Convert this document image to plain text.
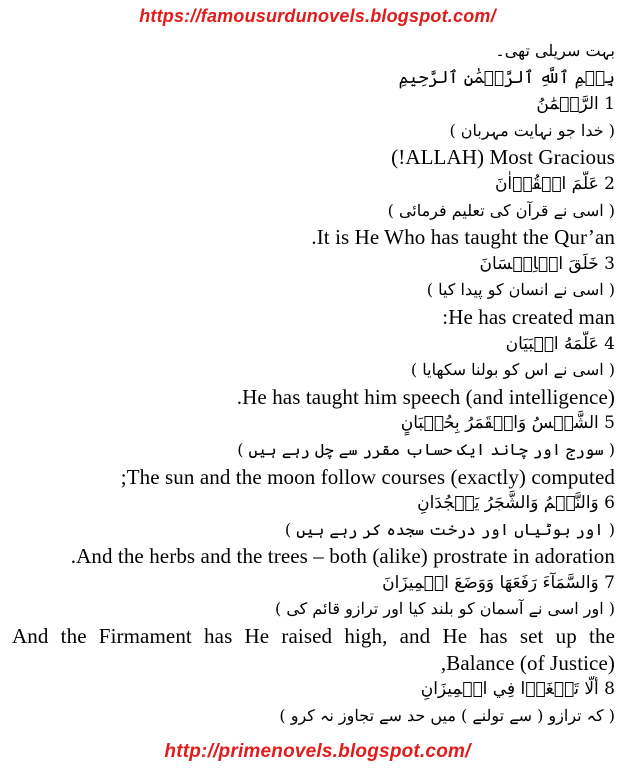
https://famousurdunovels.blogspot.com/
بہت سریلی تھی۔
بِسۡمِ ٱللَّهِ ٱلرَّحۡمَٰنِ ٱلرَّحِيمِ
1 الرَّحۡمَٰنُ
( خدا جو نہایت مہربان )
ALLAH) Most Gracious!)
2 عَلَّمَ الۡقُرۡاٰنَ
( اسی نے قرآن کی تعلیم فرمائی )
It is He Who has taught the Qur’an.
3 خَلَقَ الۡاِنۡسَانَ
( اسی نے انسان کو پیدا کیا )
He has created man:
4 عَلَّمَهُ الۡبَيَان
( اسی نے اس کو بولنا سکھایا )
He has taught him speech (and intelligence).
5 الشَّمۡسُ وَالۡقَمَرُ بِحُسۡبَانٍ
( سورج اور چاند ایک حساب مقرر سے چل رہے ہیں )
The sun and the moon follow courses (exactly) computed;
6 وَالنَّجۡمُ وَالشَّجَرُ يَسۡجُدَانِ
( اور بوٹیاں اور درخت سجدہ کر رہے ہیں )
And the herbs and the trees – both (alike) prostrate in adoration.
7 وَالسَّمَآءَ رَفَعَهَا وَوَضَعَ الۡمِيزَانَ
( اور اسی نے آسمان کو بلند کیا اور ترازو قائم کی )
And the Firmament has He raised high, and He has set up the
Balance (of Justice),
8 أَلَّا تَطۡغَوۡا فِي الۡمِيزَانِ
( کہ ترازو ( سے تولنے ) میں حد سے تجاوز نہ کرو )
http://primenovels.blogspot.com/
